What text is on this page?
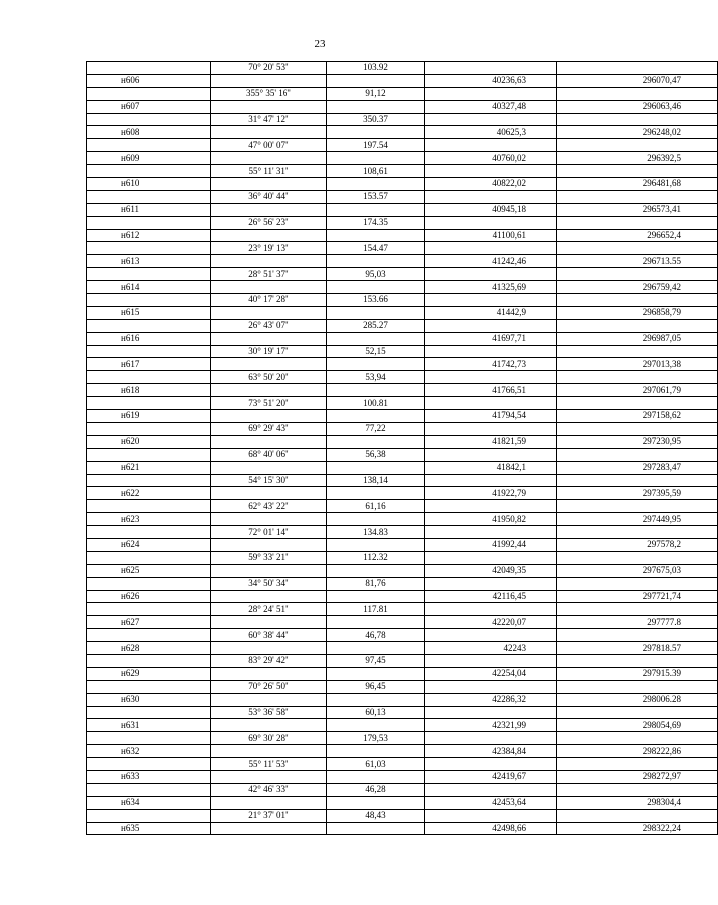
23
	70° 20' 53"	103.92		
н606			40236,63	296070,47
	355° 35' 16"	91,12		
н607			40327,48	296063,46
	31° 47' 12"	350.37		
н608			40625,3	296248,02
	47° 00' 07"	197.54		
н609			40760,02	296392,5
	55° 11' 31"	108,61		
н610			40822,02	296481,68
	36° 40' 44"	153.57		
н611			40945,18	296573,41
	26° 56' 23"	174.35		
н612			41100,61	296652,4
	23° 19' 13"	154.47		
н613			41242,46	296713.55
	28° 51' 37"	95,03		
н614			41325,69	296759,42
	40° 17' 28"	153.66		
н615			41442,9	296858,79
	26° 43' 07"	285.27		
н616			41697,71	296987,05
	30° 19' 17"	52,15		
н617			41742,73	297013,38
	63° 50' 20"	53,94		
н618			41766,51	297061,79
	73° 51' 20"	100.81		
н619			41794,54	297158,62
	69° 29' 43"	77,22		
н620			41821,59	297230,95
	68° 40' 06"	56,38		
н621			41842,1	297283,47
	54° 15' 30"	138,14		
н622			41922,79	297395,59
	62° 43' 22"	61,16		
н623			41950,82	297449,95
	72° 01' 14"	134.83		
н624			41992,44	297578,2
	59° 33' 21"	112.32		
н625			42049,35	297675,03
	34° 50' 34"	81,76		
н626			42116,45	297721,74
	28° 24' 51"	117.81		
н627			42220,07	297777.8
	60° 38' 44"	46,78		
н628			42243	297818.57
	83° 29' 42"	97,45		
н629			42254,04	297915.39
	70° 26' 50"	96,45		
н630			42286,32	298006.28
	53° 36' 58"	60,13		
н631			42321,99	298054,69
	69° 30' 28"	179,53		
н632			42384,84	298222,86
	55° 11' 53"	61,03		
н633			42419,67	298272,97
	42° 46' 33"	46,28		
н634			42453,64	298304,4
	21° 37' 01"	48,43		
н635			42498,66	298322,24
